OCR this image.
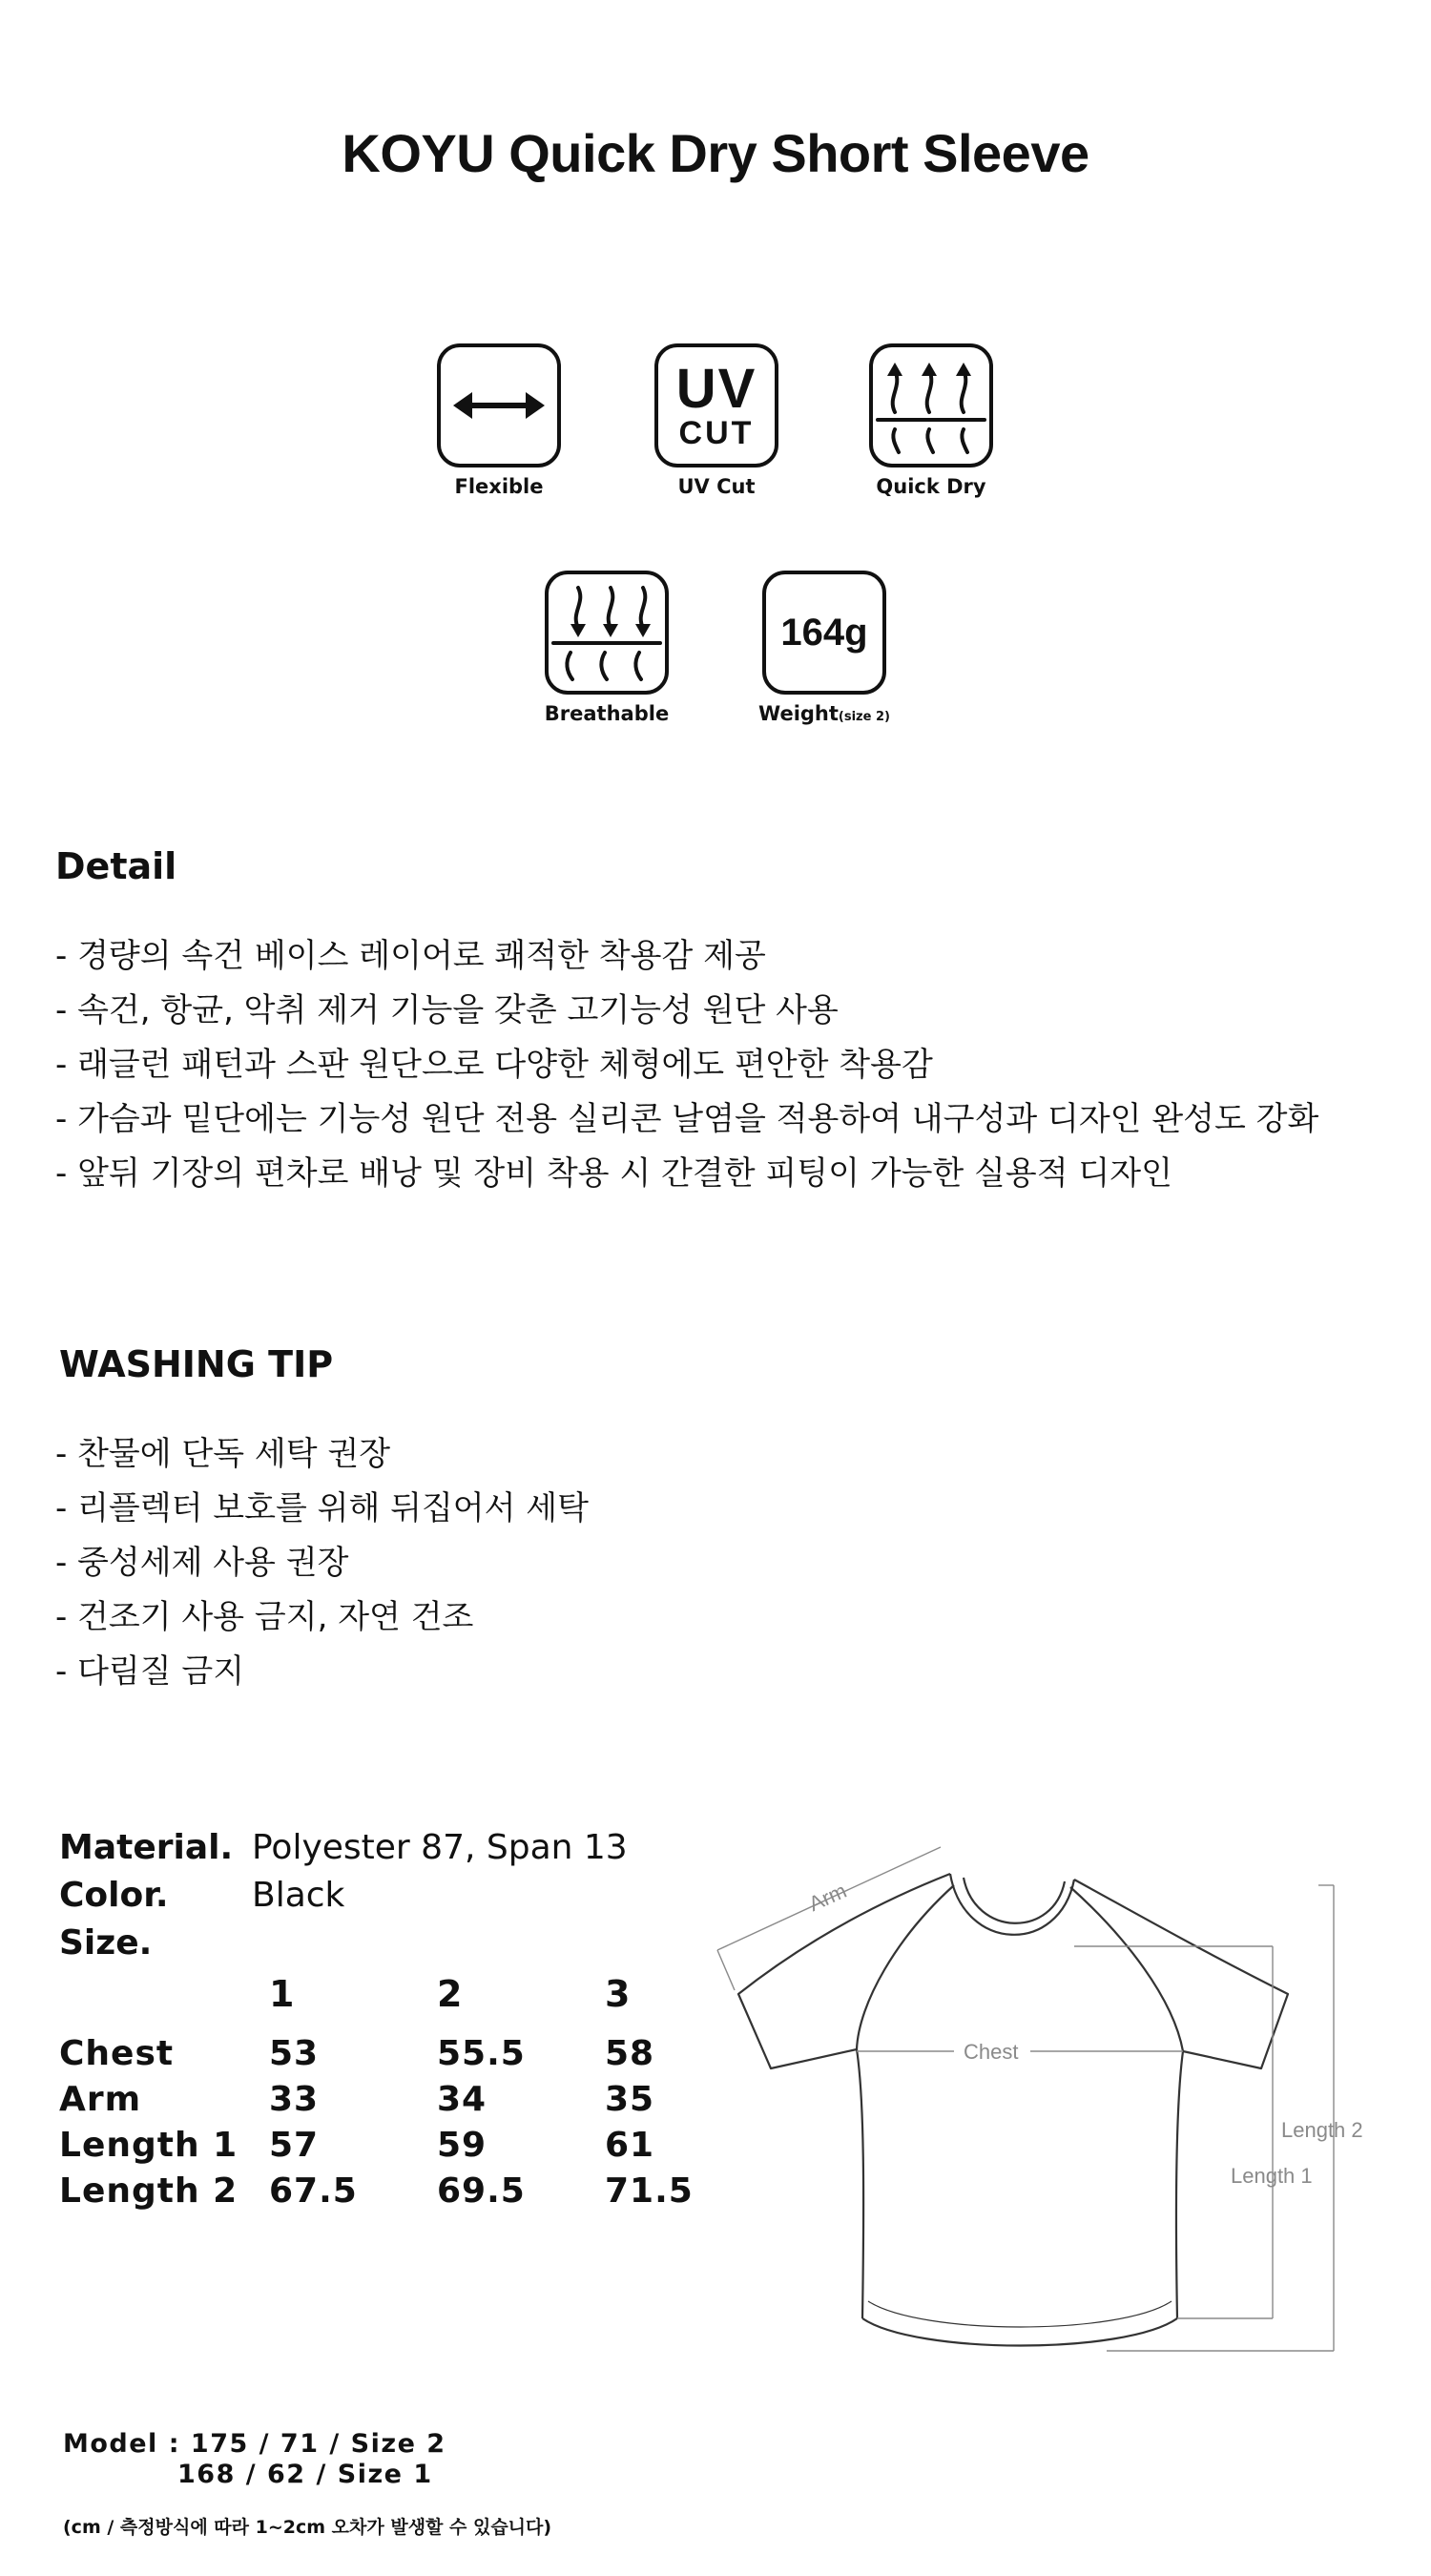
KOYU Quick Dry Short Sleeve
Flexible
UV
CUT
UV Cut	Quick Dry
Breathable
164g
Weight(size 2)
Detail
- 경량의 속건 베이스 레이어로 쾌적한 착용감 제공
- 속건, 항균, 악취 제거 기능을 갖춘 고기능성 원단 사용
- 래글런 패턴과 스판 원단으로 다양한 체형에도 편안한 착용감
- 가슴과 밑단에는 기능성 원단 전용 실리콘 날염을 적용하여 내구성과 디자인 완성도 강화
- 앞뒤 기장의 편차로 배낭 및 장비 착용 시 간결한 피팅이 가능한 실용적 디자인
WASHING TIP
- 찬물에 단독 세탁 권장
- 리플렉터 보호를 위해 뒤집어서 세탁
- 중성세제 사용 권장
- 건조기 사용 금지, 자연 건조
- 다림질 금지
Material. Polyester 87, Span 13
Color. Black
Size.
1	2	3
Chest	53	55.5 58
Arm	33	34	35
Length 1 57	59	61
Length 2 67.5 69.5 71.5
Arm
Chest
Length 2
Length 1
Model : 175 / 71 / Size 2
168 / 62 / Size 1
(cm / 측정방식에 따라 1~2cm 오차가 발생할 수 있습니다)
